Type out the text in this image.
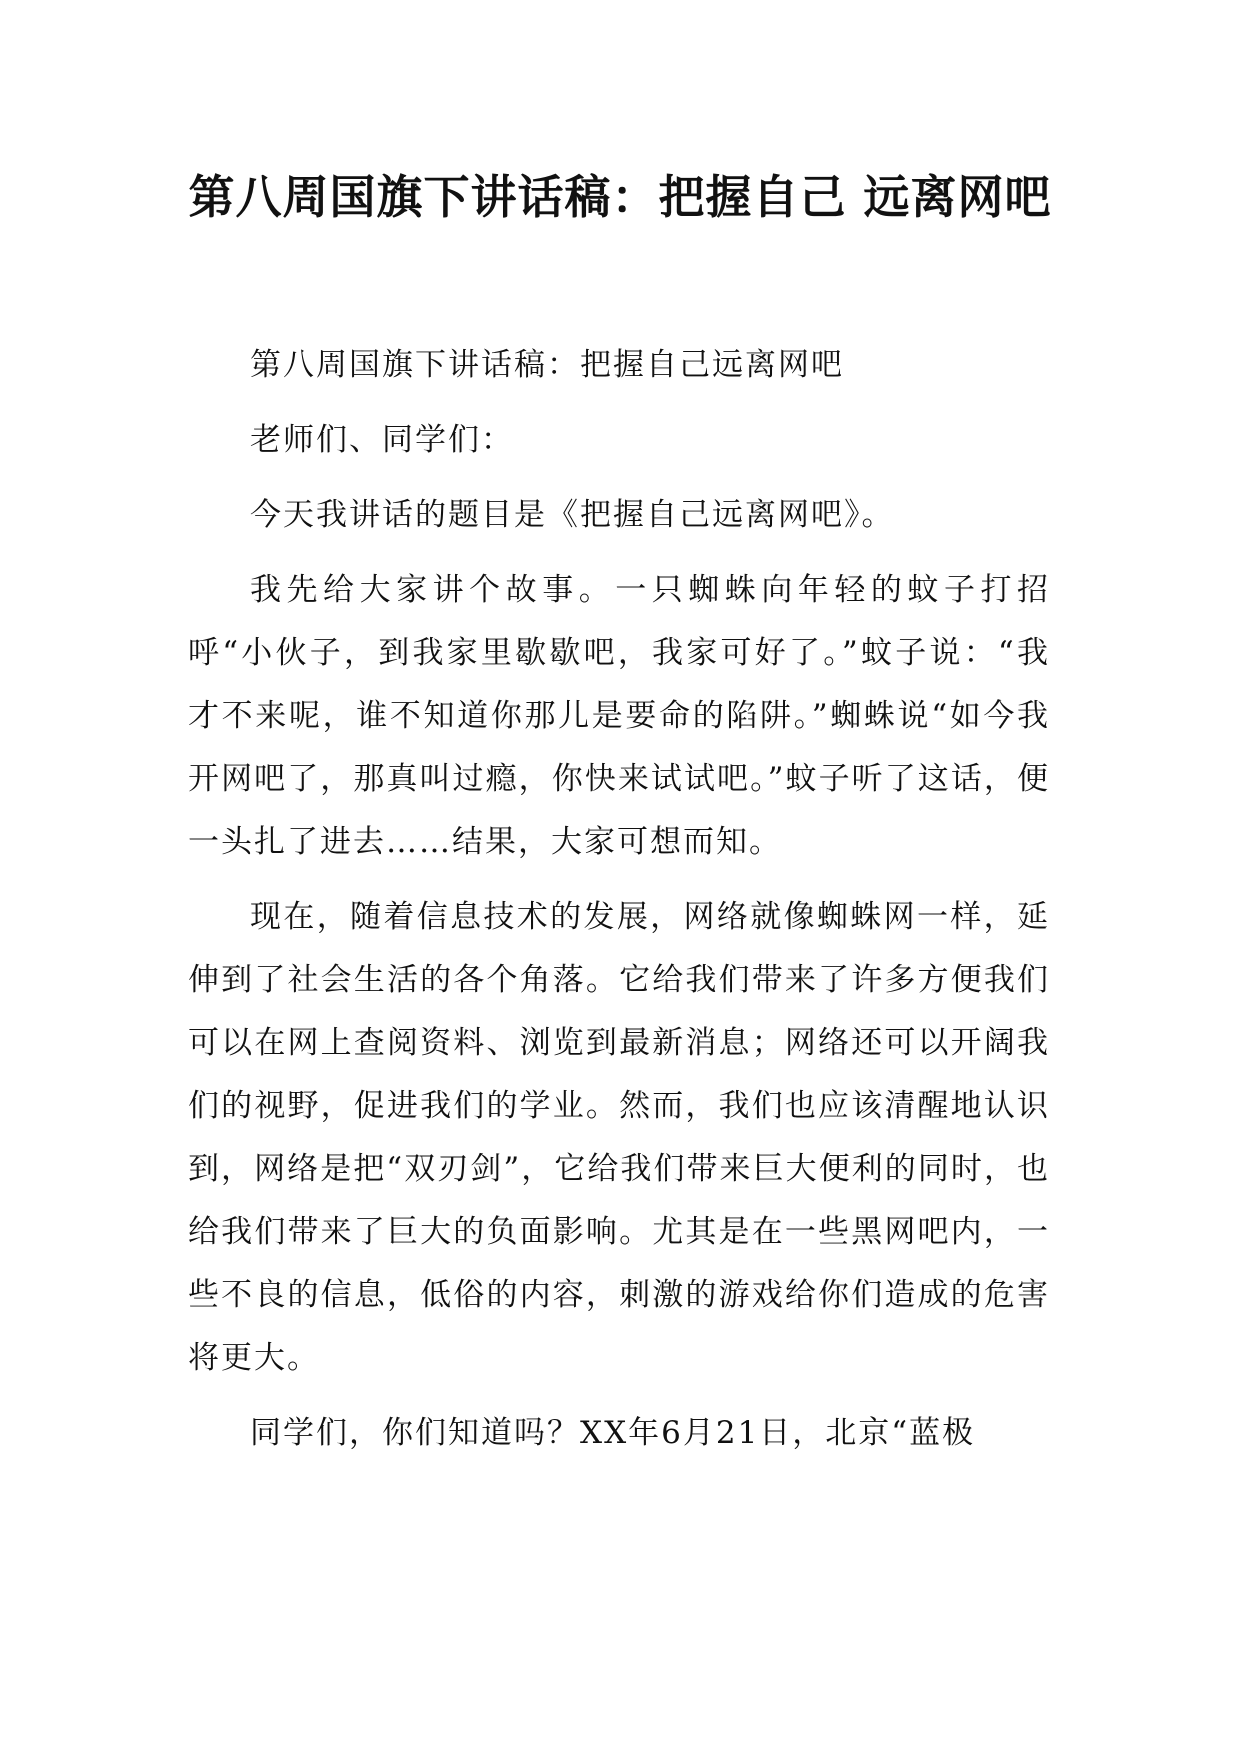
第八周国旗下讲话稿：把握自己 远离网吧

第八周国旗下讲话稿：把握自己远离网吧

老师们、同学们：

今天我讲话的题目是《把握自己远离网吧》。

我先给大家讲个故事。一只蜘蛛向年轻的蚊子打招呼“小伙子，到我家里歇歇吧，我家可好了。”蚊子说：“我才不来呢，谁不知道你那儿是要命的陷阱。”蜘蛛说“如今我开网吧了，那真叫过瘾，你快来试试吧。”蚊子听了这话，便一头扎了进去……结果，大家可想而知。

现在，随着信息技术的发展，网络就像蜘蛛网一样，延伸到了社会生活的各个角落。它给我们带来了许多方便我们可以在网上查阅资料、浏览到最新消息；网络还可以开阔我们的视野，促进我们的学业。然而，我们也应该清醒地认识到，网络是把“双刃剑”，它给我们带来巨大便利的同时，也给我们带来了巨大的负面影响。尤其是在一些黑网吧内，一些不良的信息，低俗的内容，刺激的游戏给你们造成的危害将更大。

同学们，你们知道吗？XX年6月21日，北京“蓝极
